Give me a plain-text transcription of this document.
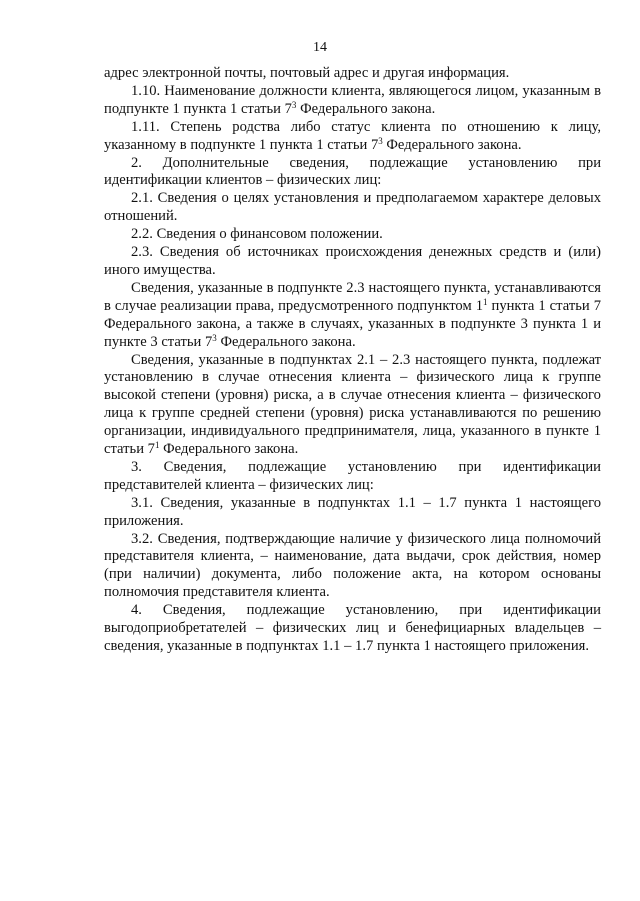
14

адрес электронной почты, почтовый адрес и другая информация.

1.10. Наименование должности клиента, являющегося лицом, указанным в подпункте 1 пункта 1 статьи $7^3$ Федерального закона.

1.11. Степень родства либо статус клиента по отношению к лицу, указанному в подпункте 1 пункта 1 статьи $7^3$ Федерального закона.

2. Дополнительные сведения, подлежащие установлению при идентификации клиентов – физических лиц:

2.1. Сведения о целях установления и предполагаемом характере деловых отношений.

2.2. Сведения о финансовом положении.

2.3. Сведения об источниках происхождения денежных средств и (или) иного имущества.

Сведения, указанные в подпункте 2.3 настоящего пункта, устанавливаются в случае реализации права, предусмотренного подпунктом $1^1$ пункта 1 статьи 7 Федерального закона, а также в случаях, указанных в подпункте 3 пункта 1 и пункте 3 статьи $7^3$ Федерального закона.

Сведения, указанные в подпунктах 2.1 – 2.3 настоящего пункта, подлежат установлению в случае отнесения клиента – физического лица к группе высокой степени (уровня) риска, а в случае отнесения клиента – физического лица к группе средней степени (уровня) риска устанавливаются по решению организации, индивидуального предпринимателя, лица, указанного в пункте 1 статьи $7^1$ Федерального закона.

3. Сведения, подлежащие установлению при идентификации представителей клиента – физических лиц:

3.1. Сведения, указанные в подпунктах 1.1 – 1.7 пункта 1 настоящего приложения.

3.2. Сведения, подтверждающие наличие у физического лица полномочий представителя клиента, – наименование, дата выдачи, срок действия, номер (при наличии) документа, либо положение акта, на котором основаны полномочия представителя клиента.

4. Сведения, подлежащие установлению, при идентификации выгодоприобретателей – физических лиц и бенефициарных владельцев – сведения, указанные в подпунктах 1.1 – 1.7 пункта 1 настоящего приложения.
